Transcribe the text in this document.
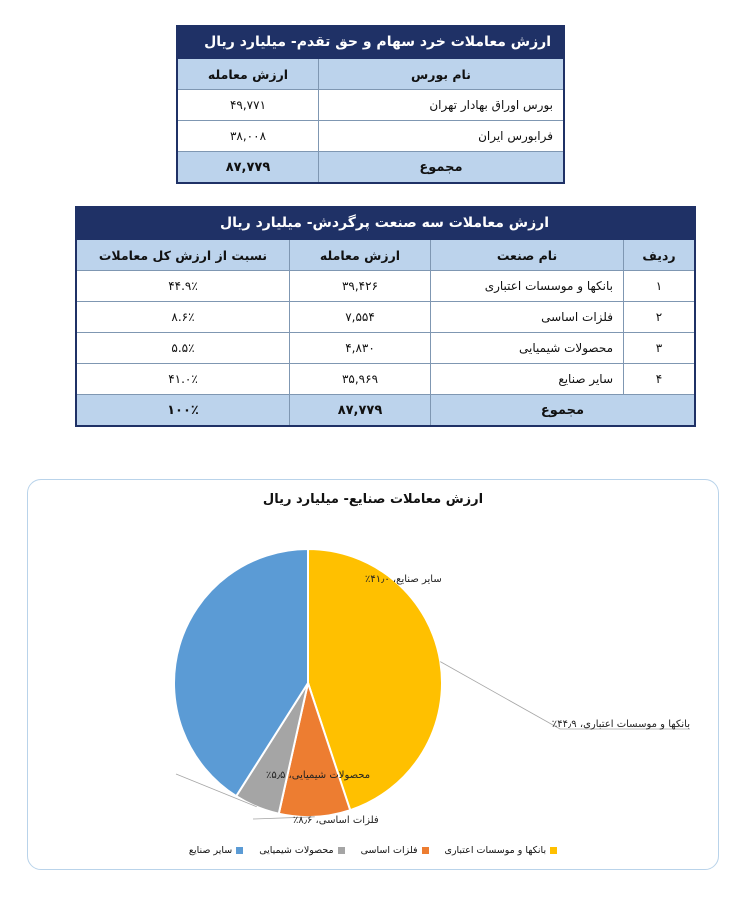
ارزش معاملات خرد سهام و حق تقدم- میلیارد ریال	
نام بورس	ارزش معامله
بورس اوراق بهادار تهران	۴۹,۷۷۱
فرابورس ایران	۳۸,۰۰۸
مجموع	۸۷,۷۷۹
ارزش معاملات سه صنعت پرگردش- میلیارد ریال			
ردیف	نام صنعت	ارزش معامله	نسبت از ارزش کل معاملات
۱	بانکها و موسسات اعتباری	۳۹,۴۲۶	۴۴.۹٪
۲	فلزات اساسی	۷,۵۵۴	۸.۶٪
۳	محصولات شیمیایی	۴,۸۳۰	۵.۵٪
۴	سایر صنایع	۳۵,۹۶۹	۴۱.۰٪
مجموع		۸۷,۷۷۹	۱۰۰٪
ارزش معاملات صنایع- میلیارد ریال
بانکها و موسسات اعتباری، ۴۴٫۹٪
فلزات اساسی، ۸٫۶٪
محصولات شیمیایی، ۵٫۵٪
سایر صنایع، ۴۱٫۰٪
بانکها و موسسات اعتباری
فلزات اساسی
محصولات شیمیایی
سایر صنایع
